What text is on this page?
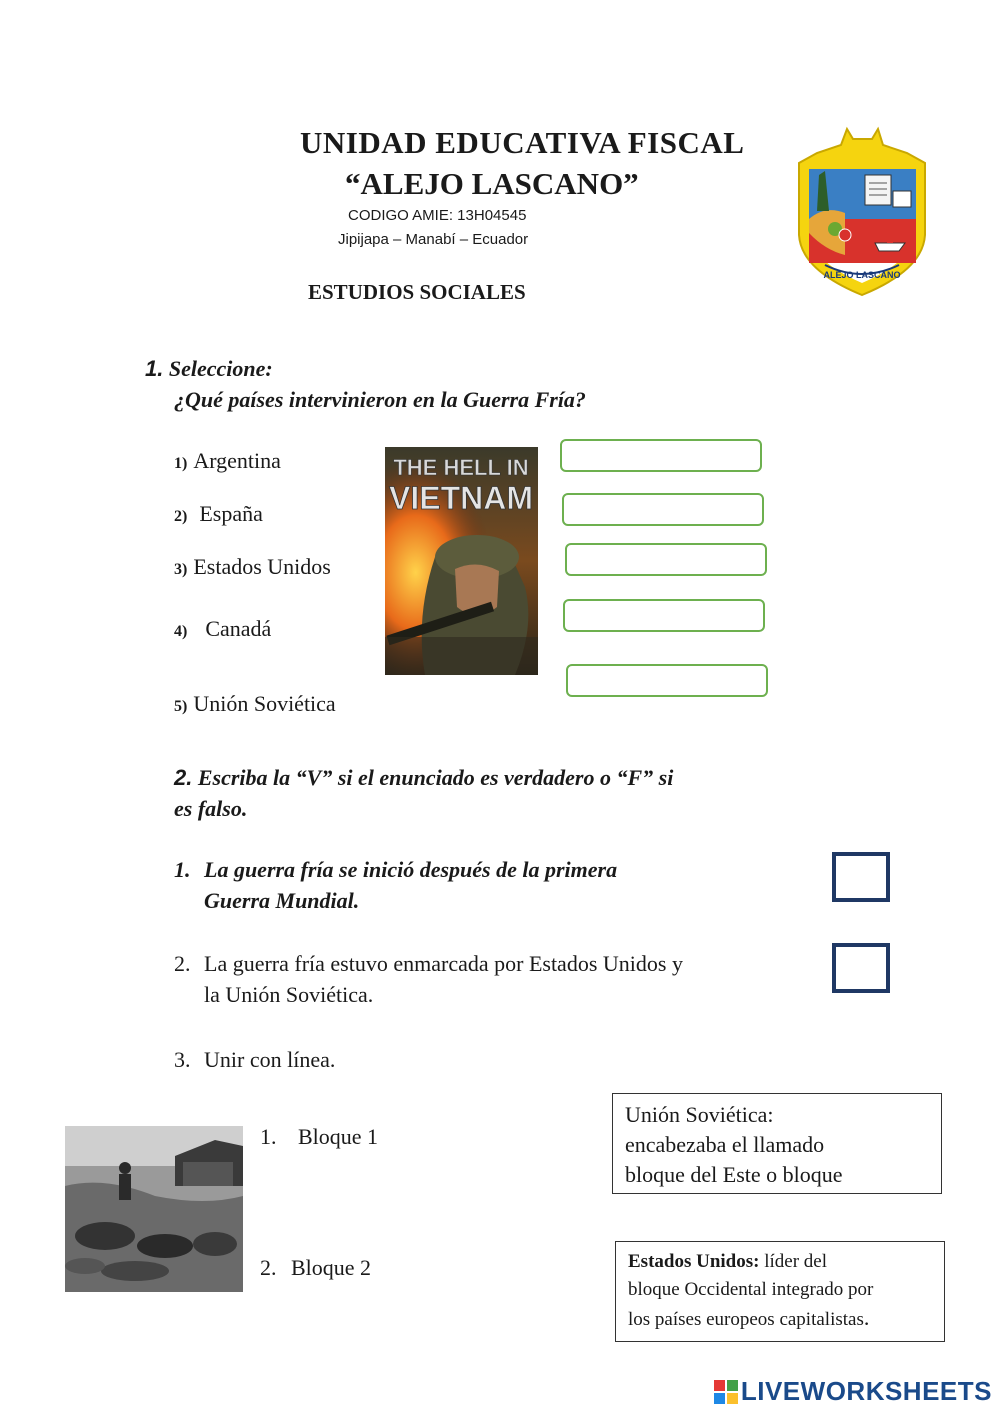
UNIDAD EDUCATIVA FISCAL
“ALEJO LASCANO”
CODIGO AMIE: 13H04545
Jipijapa – Manabí – Ecuador
ESTUDIOS SOCIALES
ALEJO LASCANO
1. Seleccione:
¿Qué países intervinieron en la Guerra Fría?
1) Argentina
2) España
3) Estados Unidos
4) Canadá
5) Unión Soviética
THE HELL IN
VIETNAM
2. Escriba la “V” si el enunciado es verdadero o “F” si
es falso.
1. La guerra fría se inició después de la primera
Guerra Mundial.
2. La guerra fría estuvo enmarcada por Estados Unidos y
la Unión Soviética.
3. Unir con línea.
1. Bloque 1
2. Bloque 2
Unión Soviética:
encabezaba el llamado
bloque del Este o bloque
Estados Unidos: líder del
bloque Occidental integrado por
los países europeos capitalistas.
LIVEWORKSHEETS
